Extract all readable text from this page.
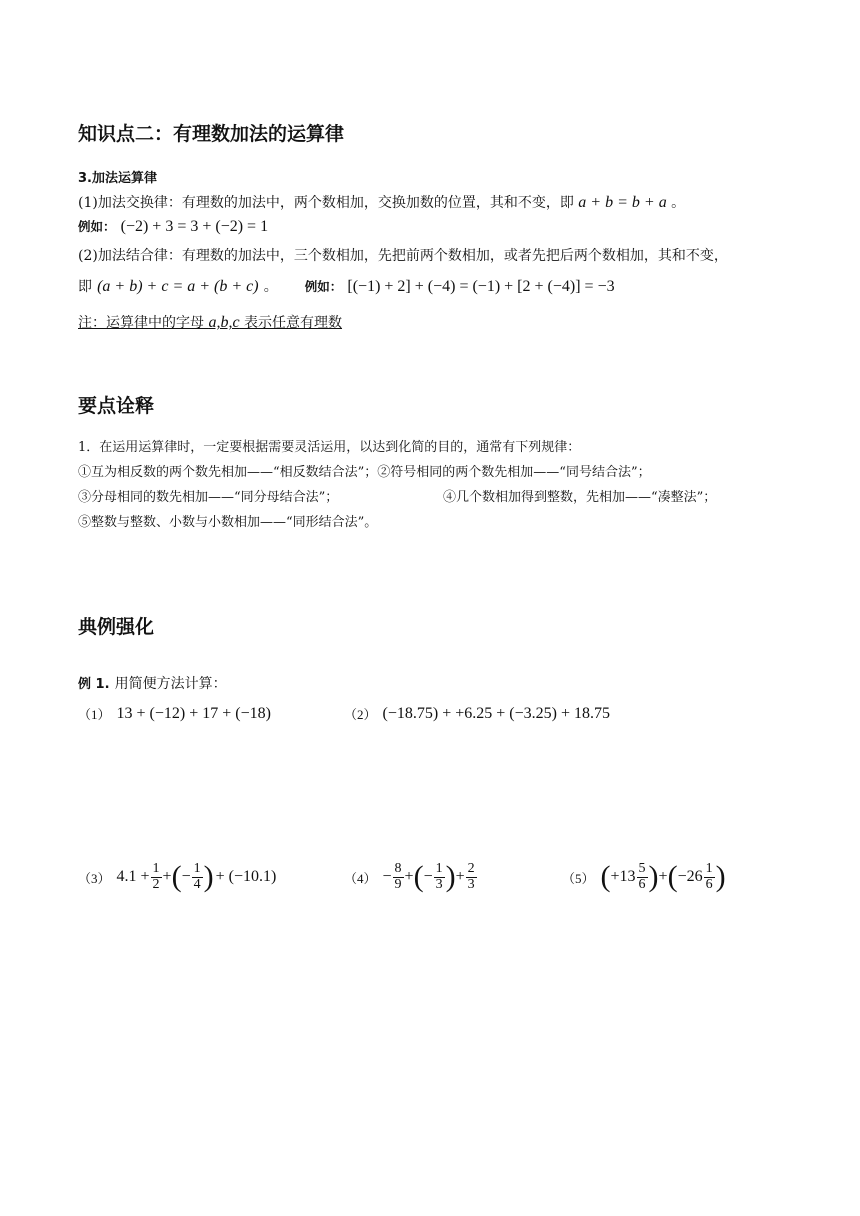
知识点二：有理数加法的运算律
3.加法运算律
(1)加法交换律：有理数的加法中，两个数相加，交换加数的位置，其和不变，即 a + b = b + a 。
例如： (−2) + 3 = 3 + (−2) = 1
(2)加法结合律：有理数的加法中，三个数相加，先把前两个数相加，或者先把后两个数相加，其和不变，
即 (a + b) + c = a + (b + c) 。 例如： [(−1) + 2] + (−4) = (−1) + [2 + (−4)] = −3
注：运算律中的字母 a,b,c 表示任意有理数
要点诠释
1．在运用运算律时，一定要根据需要灵活运用，以达到化简的目的，通常有下列规律：
①互为相反数的两个数先相加——“相反数结合法”；②符号相同的两个数先相加——“同号结合法”；
③分母相同的数先相加——“同分母结合法”；	④几个数相加得到整数，先相加——“凑整法”；
⑤整数与整数、小数与小数相加——“同形结合法”。
典例强化
例 1. 用简便方法计算：
（1） 13 + (−12) + 17 + (−18)	（2） (−18.75) + +6.25 + (−3.25) + 18.75
（3） $4.1 + \frac{1}{2}$ + ( − $\frac{1}{4}$ ) + (−10.1)	$(4) - \frac{8}{9}$ + ( − $\frac{1}{3}$ ) + $\frac{2}{3}$	（5） ( $+13 \frac{5}{6}$ ) + ( $-26 \frac{1}{6}$ )
